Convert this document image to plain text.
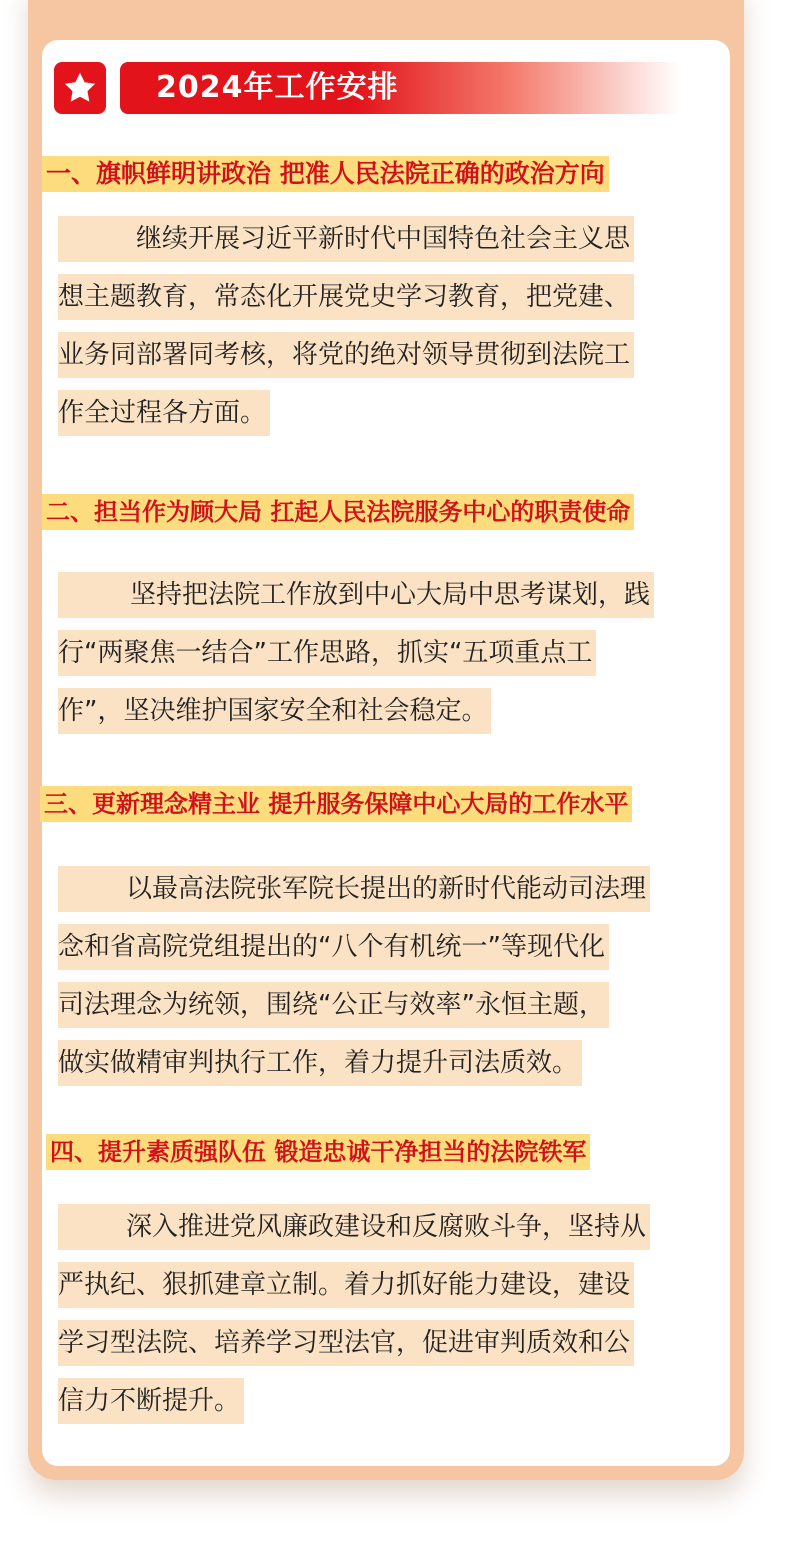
2024年工作安排
一、旗帜鲜明讲政治 把准人民法院正确的政治方向
继续开展习近平新时代中国特色社会主义思
想主题教育，常态化开展党史学习教育，把党建、
业务同部署同考核，将党的绝对领导贯彻到法院工
作全过程各方面。
二、担当作为顾大局 扛起人民法院服务中心的职责使命
坚持把法院工作放到中心大局中思考谋划，践
行“两聚焦一结合”工作思路，抓实“五项重点工
作”，坚决维护国家安全和社会稳定。
三、更新理念精主业 提升服务保障中心大局的工作水平
以最高法院张军院长提出的新时代能动司法理
念和省高院党组提出的“八个有机统一”等现代化
司法理念为统领，围绕“公正与效率”永恒主题，
做实做精审判执行工作，着力提升司法质效。
四、提升素质强队伍 锻造忠诚干净担当的法院铁军
深入推进党风廉政建设和反腐败斗争，坚持从
严执纪、狠抓建章立制。着力抓好能力建设，建设
学习型法院、培养学习型法官，促进审判质效和公
信力不断提升。
